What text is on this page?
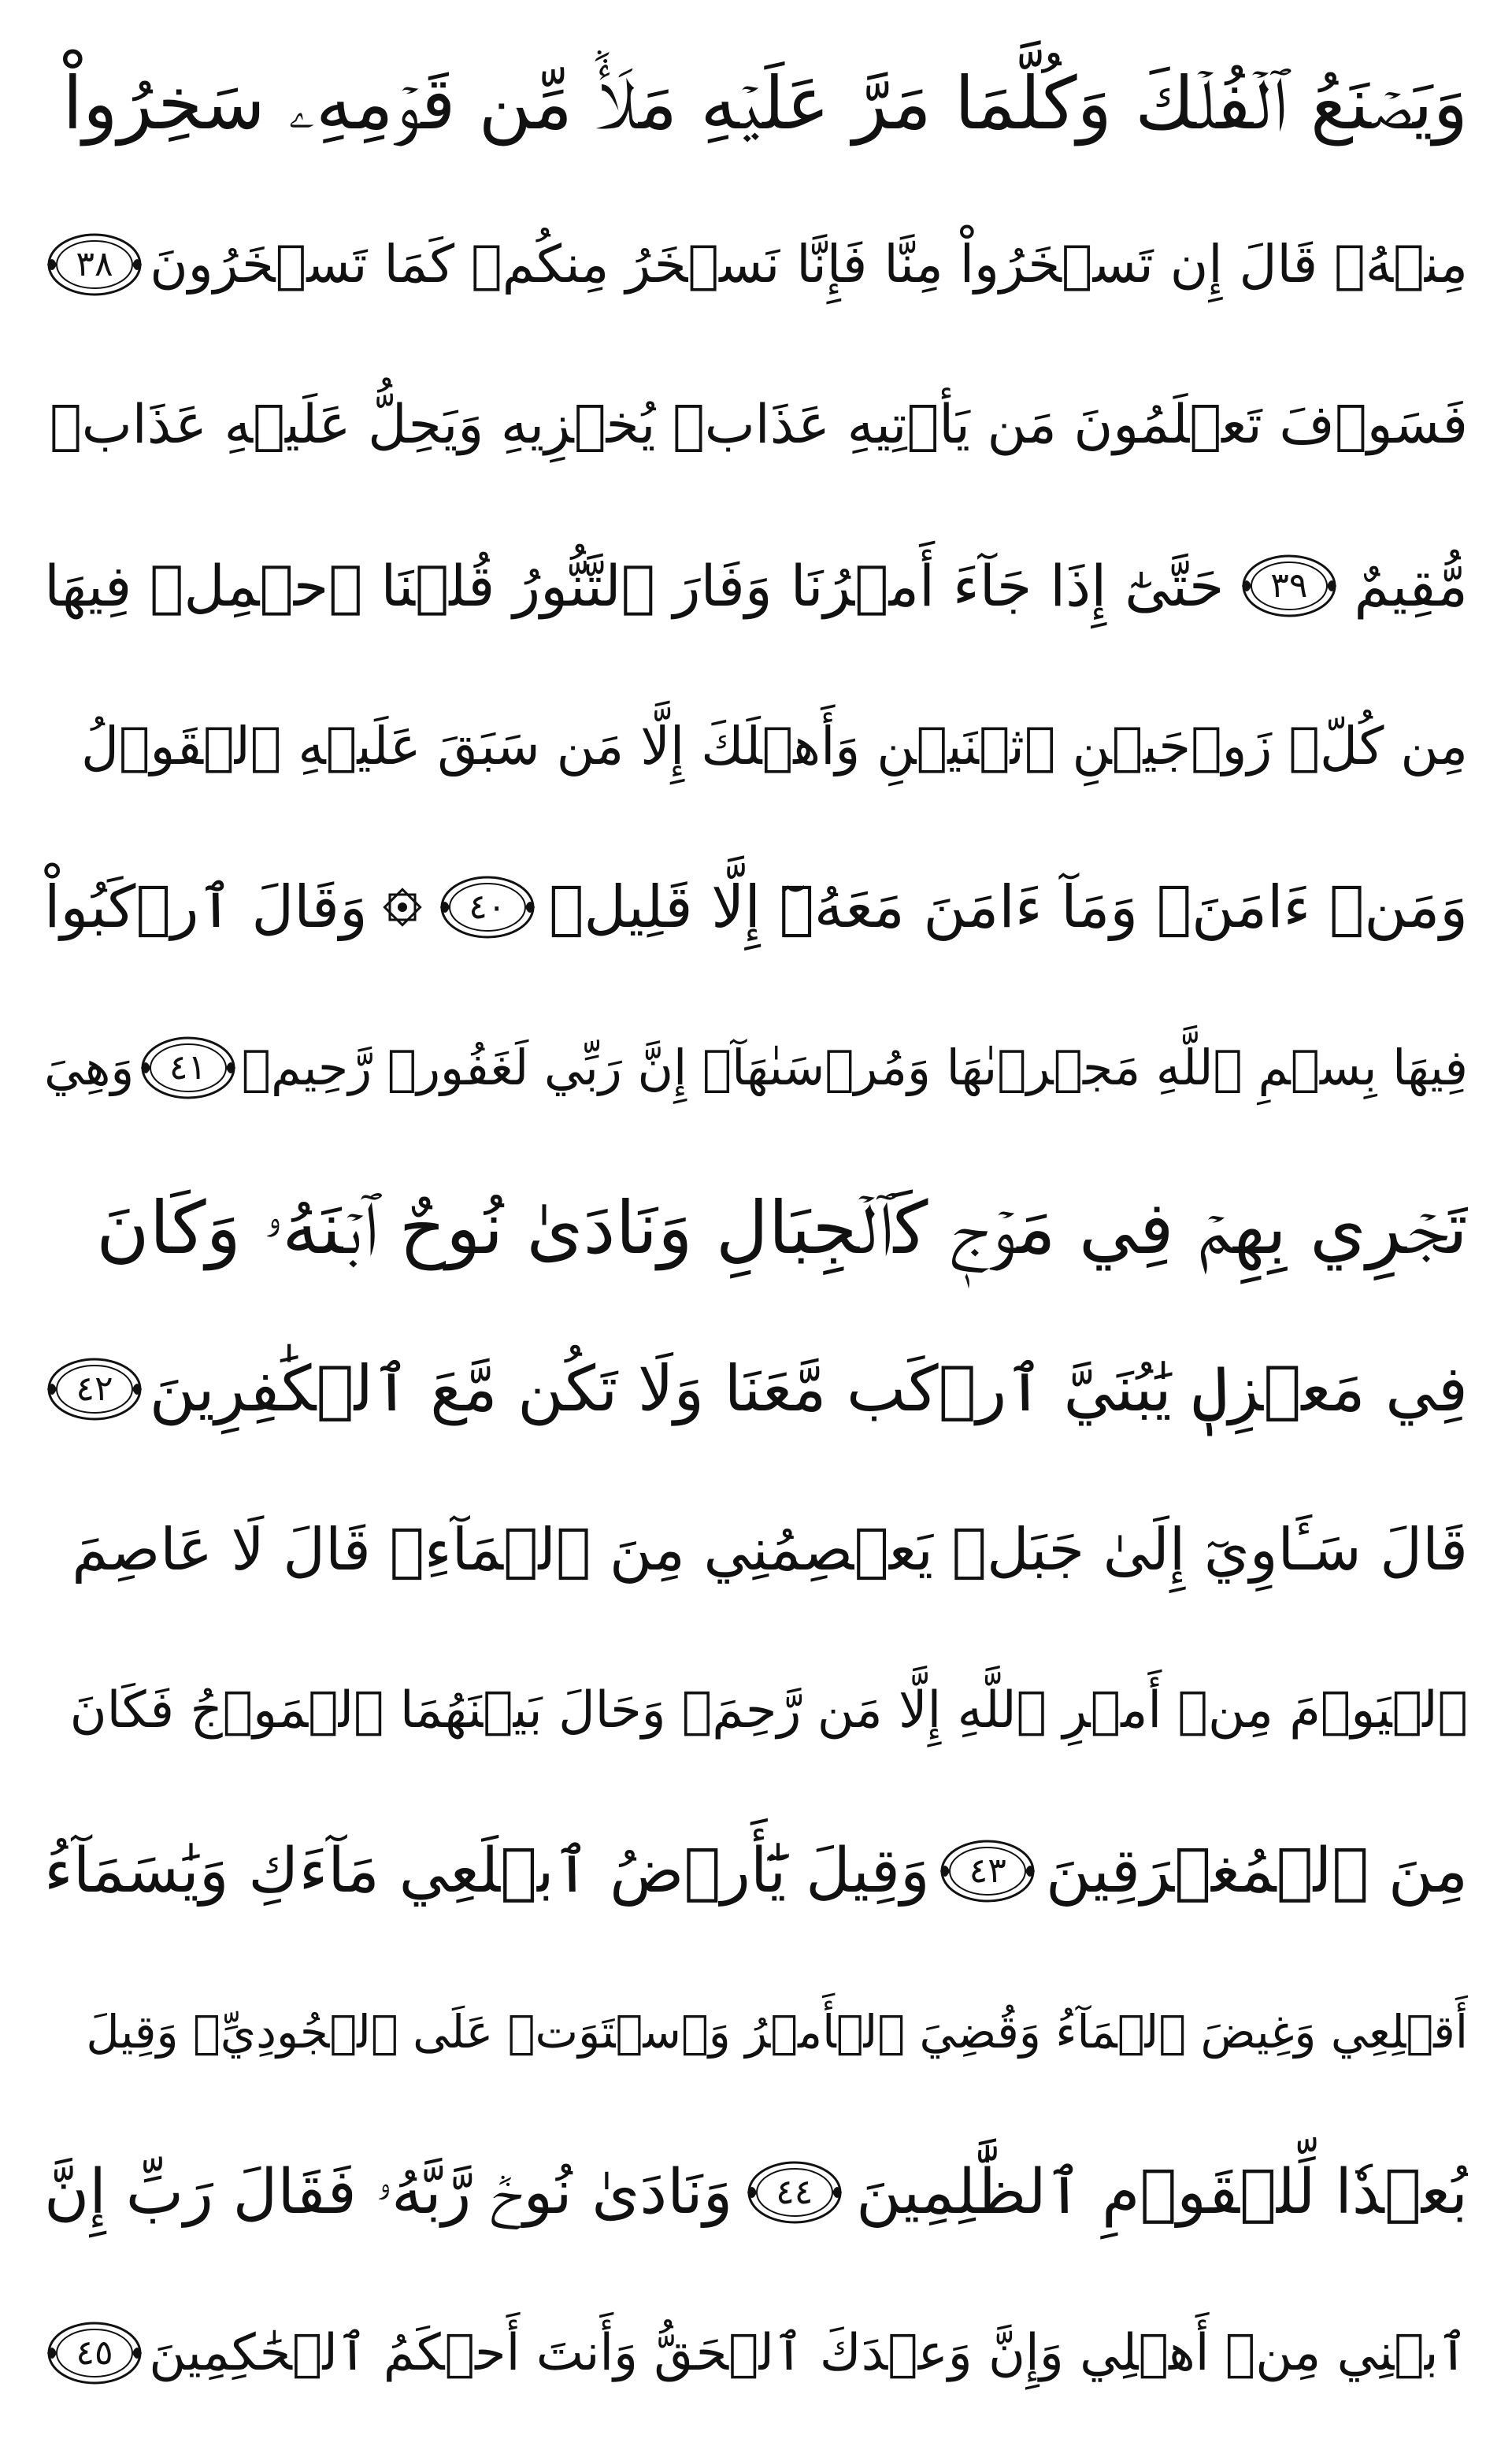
وَيَصۡنَعُ ٱلۡفُلۡكَ وَكُلَّمَا مَرَّ عَلَيۡهِ مَلَأٞ مِّن قَوۡمِهِۦ سَخِرُواْ
مِنۡهُۚ قَالَ إِن تَسۡخَرُواْ مِنَّا فَإِنَّا نَسۡخَرُ مِنكُمۡ كَمَا تَسۡخَرُونَ
٣٨
فَسَوۡفَ تَعۡلَمُونَ مَن يَأۡتِيهِ عَذَابٞ يُخۡزِيهِ وَيَحِلُّ عَلَيۡهِ عَذَابٞ
مُّقِيمٌ
٣٩
حَتَّىٰٓ إِذَا جَآءَ أَمۡرُنَا وَفَارَ ٱلتَّنُّورُ قُلۡنَا ٱحۡمِلۡ فِيهَا
مِن كُلّٖ زَوۡجَيۡنِ ٱثۡنَيۡنِ وَأَهۡلَكَ إِلَّا مَن سَبَقَ عَلَيۡهِ ٱلۡقَوۡلُ
وَمَنۡ ءَامَنَۚ وَمَآ ءَامَنَ مَعَهُۥٓ إِلَّا قَلِيلٞ
٤٠
وَقَالَ ٱرۡكَبُواْ
فِيهَا بِسۡمِ ٱللَّهِ مَجۡرٜىٰهَا وَمُرۡسَىٰهَآۚ إِنَّ رَبِّي لَغَفُورٞ رَّحِيمٞ
٤١
وَهِيَ
تَجۡرِي بِهِمۡ فِي مَوۡجٖ كَٱلۡجِبَالِ وَنَادَىٰ نُوحٌ ٱبۡنَهُۥ وَكَانَ
فِي مَعۡزِلٖ يَٰبُنَيَّ ٱرۡكَب مَّعَنَا وَلَا تَكُن مَّعَ ٱلۡكَٰفِرِينَ
٤٢
قَالَ سَـَٔاوِيٓ إِلَىٰ جَبَلٖ يَعۡصِمُنِي مِنَ ٱلۡمَآءِۚ قَالَ لَا عَاصِمَ
ٱلۡيَوۡمَ مِنۡ أَمۡرِ ٱللَّهِ إِلَّا مَن رَّحِمَۚ وَحَالَ بَيۡنَهُمَا ٱلۡمَوۡجُ فَكَانَ
مِنَ ٱلۡمُغۡرَقِينَ
٤٣
وَقِيلَ يَٰٓأَرۡضُ ٱبۡلَعِي مَآءَكِ وَيَٰسَمَآءُ
أَقۡلِعِي وَغِيضَ ٱلۡمَآءُ وَقُضِيَ ٱلۡأَمۡرُ وَٱسۡتَوَتۡ عَلَى ٱلۡجُودِيِّۖ وَقِيلَ
بُعۡدٗا لِّلۡقَوۡمِ ٱلظَّٰلِمِينَ
٤٤
وَنَادَىٰ نُوحٞ رَّبَّهُۥ فَقَالَ رَبِّ إِنَّ
ٱبۡنِي مِنۡ أَهۡلِي وَإِنَّ وَعۡدَكَ ٱلۡحَقُّ وَأَنتَ أَحۡكَمُ ٱلۡحَٰكِمِينَ
٤٥
